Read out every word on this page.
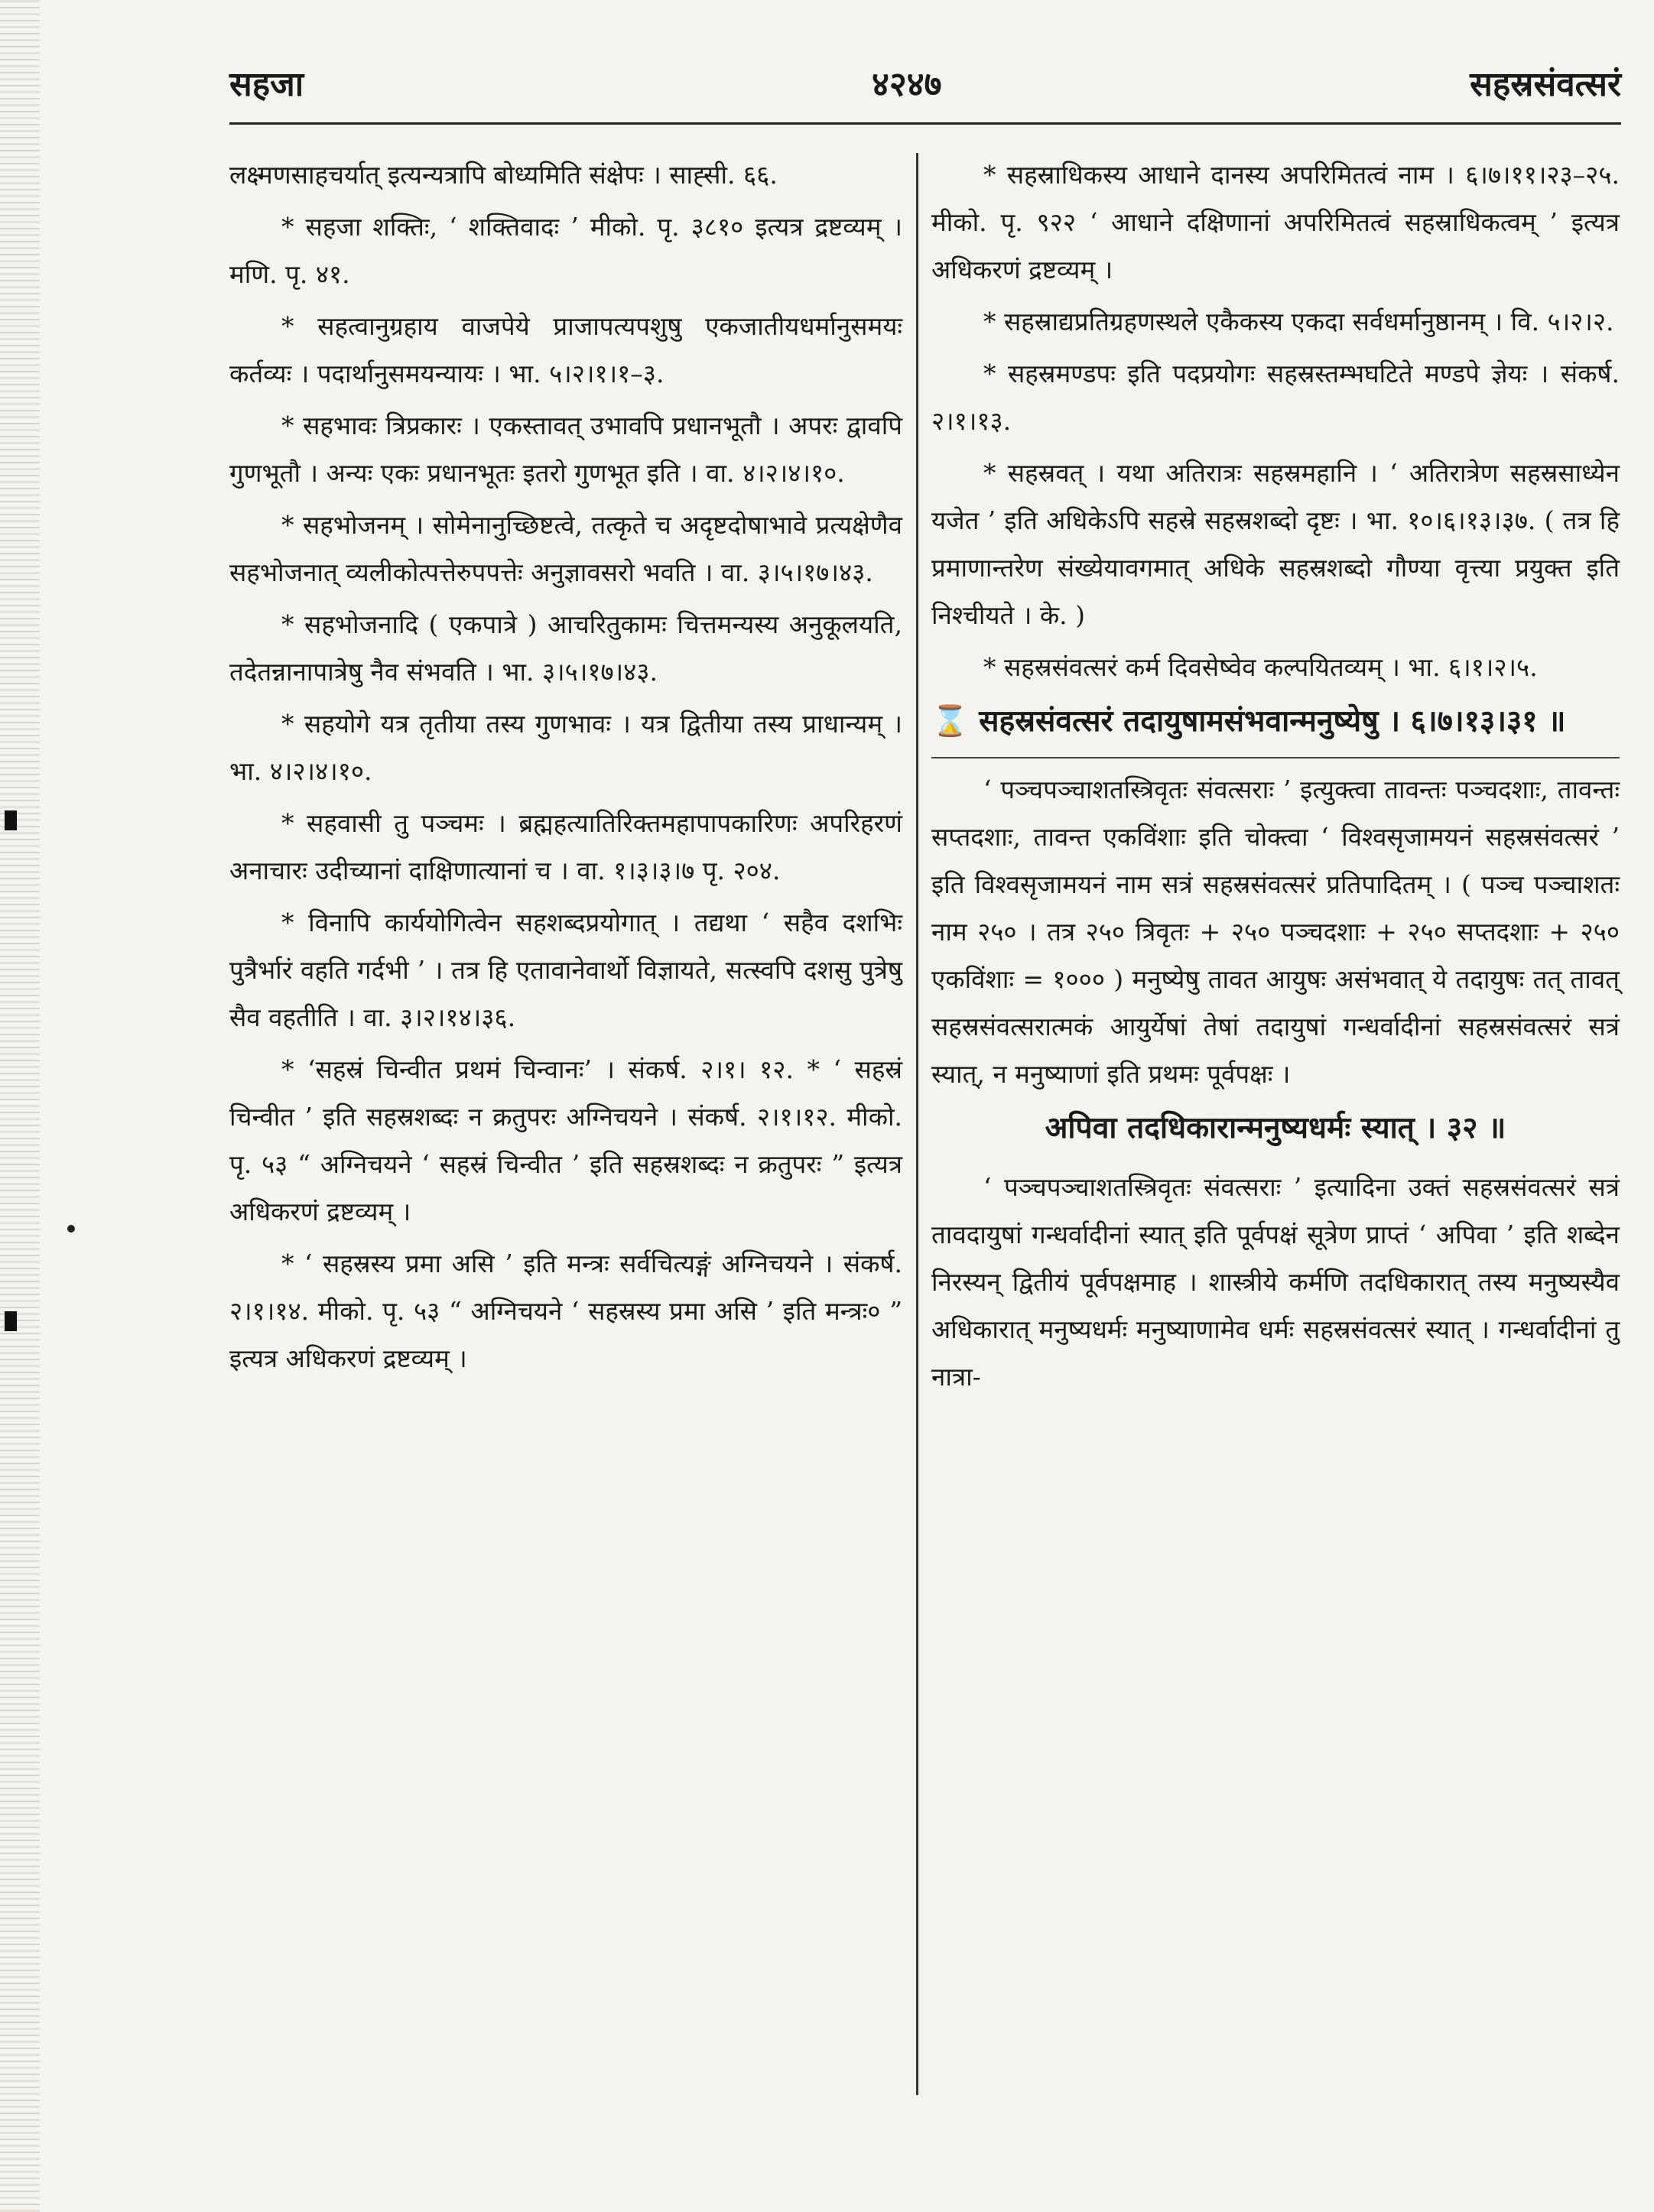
सहजा	४२४७	सहस्रसंवत्सरं

लक्ष्मणसाहचर्यात् इत्यन्यत्रापि बोध्यमिति संक्षेपः । साह्सी. ६६.

* सहजा शक्तिः, ‘ शक्तिवादः ’ मीको. पृ. ३८१० इत्यत्र द्रष्टव्यम् । मणि. पृ. ४१.

* सहत्वानुग्रहाय वाजपेये प्राजापत्यपशुषु एकजातीयधर्मानुसमयः कर्तव्यः । पदार्थानुसमयन्यायः । भा. ५।२।१।१–३.

* सहभावः त्रिप्रकारः । एकस्तावत् उभावपि प्रधानभूतौ । अपरः द्वावपि गुणभूतौ । अन्यः एकः प्रधानभूतः इतरो गुणभूत इति । वा. ४।२।४।१०.

* सहभोजनम् । सोमेनानुच्छिष्टत्वे, तत्कृते च अदृष्टदोषाभावे प्रत्यक्षेणैव सहभोजनात् व्यलीकोत्पत्तेरुपपत्तेः अनुज्ञावसरो भवति । वा. ३।५।१७।४३.

* सहभोजनादि ( एकपात्रे ) आचरितुकामः चित्तमन्यस्य अनुकूलयति, तदेतन्नानापात्रेषु नैव संभवति । भा. ३।५।१७।४३.

* सहयोगे यत्र तृतीया तस्य गुणभावः । यत्र द्वितीया तस्य प्राधान्यम् । भा. ४।२।४।१०.

* सहवासी तु पञ्चमः । ब्रह्महत्यातिरिक्तमहापापकारिणः अपरिहरणं अनाचारः उदीच्यानां दाक्षिणात्यानां च । वा. १।३।३।७ पृ. २०४.

* विनापि कार्ययोगित्वेन सहशब्दप्रयोगात् । तद्यथा ‘ सहैव दशभिः पुत्रैर्भारं वहति गर्दभी ’ । तत्र हि एतावानेवार्थो विज्ञायते, सत्स्वपि दशसु पुत्रेषु सैव वहतीति । वा. ३।२।१४।३६.

* ‘सहस्रं चिन्वीत प्रथमं चिन्वानः’ । संकर्ष. २।१। १२. * ‘ सहस्रं चिन्वीत ’ इति सहस्रशब्दः न क्रतुपरः अग्निचयने । संकर्ष. २।१।१२. मीको. पृ. ५३ “ अग्निचयने ‘ सहस्रं चिन्वीत ’ इति सहस्रशब्दः न क्रतुपरः ” इत्यत्र अधिकरणं द्रष्टव्यम् ।

* ‘ सहस्रस्य प्रमा असि ’ इति मन्त्रः सर्वचित्यङ्गं अग्निचयने । संकर्ष. २।१।१४. मीको. पृ. ५३ “ अग्निचयने ‘ सहस्रस्य प्रमा असि ’ इति मन्त्रः० ” इत्यत्र अधिकरणं द्रष्टव्यम् ।

* सहस्राधिकस्य आधाने दानस्य अपरिमितत्वं नाम । ६।७।११।२३–२५. मीको. पृ. ९२२ ‘ आधाने दक्षिणानां अपरिमितत्वं सहस्राधिकत्वम् ’ इत्यत्र अधिकरणं द्रष्टव्यम् ।

* सहस्राद्यप्रतिग्रहणस्थले एकैकस्य एकदा सर्वधर्मानुष्ठानम् । वि. ५।२।२.

* सहस्रमण्डपः इति पदप्रयोगः सहस्रस्तम्भघटिते मण्डपे ज्ञेयः । संकर्ष. २।१।१३.

* सहस्रवत् । यथा अतिरात्रः सहस्रमहानि । ‘ अतिरात्रेण सहस्रसाध्येन यजेत ’ इति अधिकेऽपि सहस्रे सहस्रशब्दो दृष्टः । भा. १०।६।१३।३७. ( तत्र हि प्रमाणान्तरेण संख्येयावगमात् अधिके सहस्रशब्दो गौण्या वृत्त्या प्रयुक्त इति निश्चीयते । के. )

* सहस्रसंवत्सरं कर्म दिवसेष्वेव कल्पयितव्यम् । भा. ६।१।२।५.

⌛ सहस्रसंवत्सरं तदायुषामसंभवान्मनुष्येषु । ६।७।१३।३१ ॥

‘ पञ्चपञ्चाशतस्त्रिवृतः संवत्सराः ’ इत्युक्त्वा तावन्तः पञ्चदशाः, तावन्तः सप्तदशाः, तावन्त एकविंशाः इति चोक्त्वा ‘ विश्वसृजामयनं सहस्रसंवत्सरं ’ इति विश्वसृजामयनं नाम सत्रं सहस्रसंवत्सरं प्रतिपादितम् । ( पञ्च पञ्चाशतः नाम २५० । तत्र २५० त्रिवृतः + २५० पञ्चदशाः + २५० सप्तदशाः + २५० एकविंशाः = १००० ) मनुष्येषु तावत आयुषः असंभवात् ये तदायुषः तत् तावत् सहस्रसंवत्सरात्मकं आयुर्येषां तेषां तदायुषां गन्धर्वादीनां सहस्रसंवत्सरं सत्रं स्यात्, न मनुष्याणां इति प्रथमः पूर्वपक्षः ।

अपिवा तदधिकारान्मनुष्यधर्मः स्यात् । ३२ ॥

‘ पञ्चपञ्चाशतस्त्रिवृतः संवत्सराः ’ इत्यादिना उक्तं सहस्रसंवत्सरं सत्रं तावदायुषां गन्धर्वादीनां स्यात् इति पूर्वपक्षं सूत्रेण प्राप्तं ‘ अपिवा ’ इति शब्देन निरस्यन् द्वितीयं पूर्वपक्षमाह । शास्त्रीये कर्मणि तदधिकारात् तस्य मनुष्यस्यैव अधिकारात् मनुष्यधर्मः मनुष्याणामेव धर्मः सहस्रसंवत्सरं स्यात् । गन्धर्वादीनां तु नात्रा-
